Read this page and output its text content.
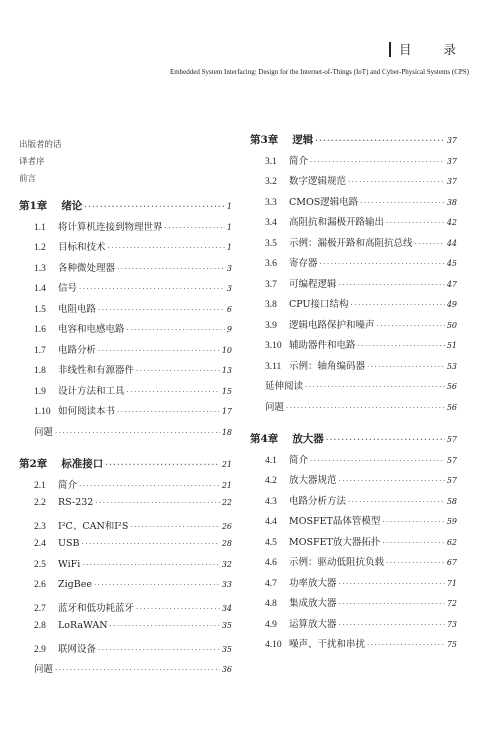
目 录
Embedded System Interfacing: Design for the Internet-of-Things (IoT) and Cyber-Physical Systems (CPS)
出版者的话
译者序
前言
第1章 绪论 ·····	1
1.1	将计算机连接到物理世界 ·····	1
1.2	目标和技术 ·····	1
1.3	各种微处理器 ·····	3
1.4	信号 ·····	3
1.5	电阻电路 ·····	6
1.6	电容和电感电路 ·····	9
1.7	电路分析 ·····	10
1.8	非线性和有源器件 ·····	13
1.9	设计方法和工具 ·····	15
1.10 如何阅读本书 ·····	17
问题 ·····	18
第2章 标准接口 ·····	21
2.1	简介 ·····	21
2.2	RS-232 ·····	22
2.3	I²C、CAN和I²S ·····	26
2.4	USB ·····	28
2.5	WiFi ·····	32
2.6	ZigBee ·····	33
2.7	蓝牙和低功耗蓝牙 ·····	34
2.8	LoRaWAN ·····	35
2.9	联网设备 ·····	35
问题 ·····	36
第3章 逻辑 ·····	37
3.1	简介 ·····	37
3.2	数字逻辑规范 ·····	37
3.3	CMOS逻辑电路 ·····	38
3.4	高阻抗和漏极开路输出 ·····	42
3.5	示例：漏极开路和高阻抗总线 ·····	44
3.6	寄存器 ·····	45
3.7	可编程逻辑 ·····	47
3.8	CPU接口结构 ·····	49
3.9	逻辑电路保护和噪声 ·····	50
3.10 辅助器件和电路 ·····	51
3.11 示例：轴角编码器 ·····	53
延伸阅读 ·····	56
问题 ·····	56
第4章 放大器 ·····	57
4.1	简介 ·····	57
4.2	放大器规范 ·····	57
4.3	电路分析方法 ·····	58
4.4	MOSFET晶体管模型 ·····	59
4.5	MOSFET放大器拓扑 ·····	62
4.6	示例：驱动低阻抗负载 ·····	67
4.7	功率放大器 ·····	71
4.8	集成放大器 ·····	72
4.9	运算放大器 ·····	73
4.10 噪声、干扰和串扰 ·····	75
